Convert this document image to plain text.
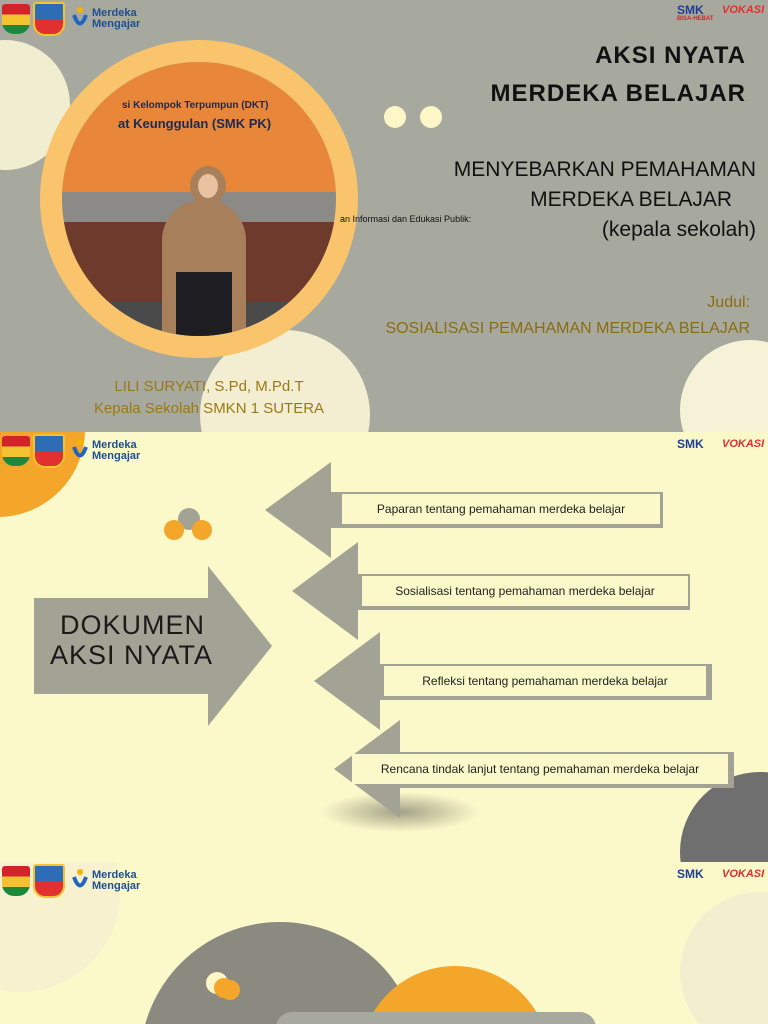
Merdeka
Mengajar
SMK
BISA-HEBAT
VOKASI
si Kelompok Terpumpun (DKT)
at Keunggulan (SMK PK)
AKSI NYATA
MERDEKA BELAJAR
MENYEBARKAN PEMAHAMAN
MERDEKA BELAJAR
(kepala sekolah)
an Informasi dan Edukasi Publik:
Judul:
SOSIALISASI PEMAHAMAN MERDEKA BELAJAR
LILI SURYATI, S.Pd, M.Pd.T
Kepala Sekolah SMKN 1 SUTERA
Merdeka
Mengajar
SMK VOKASI
DOKUMEN
AKSI NYATA
Paparan tentang pemahaman merdeka belajar
Sosialisasi tentang pemahaman merdeka belajar
Refleksi tentang pemahaman merdeka belajar
Rencana tindak lanjut tentang pemahaman merdeka belajar
Merdeka
Mengajar
SMK VOKASI
